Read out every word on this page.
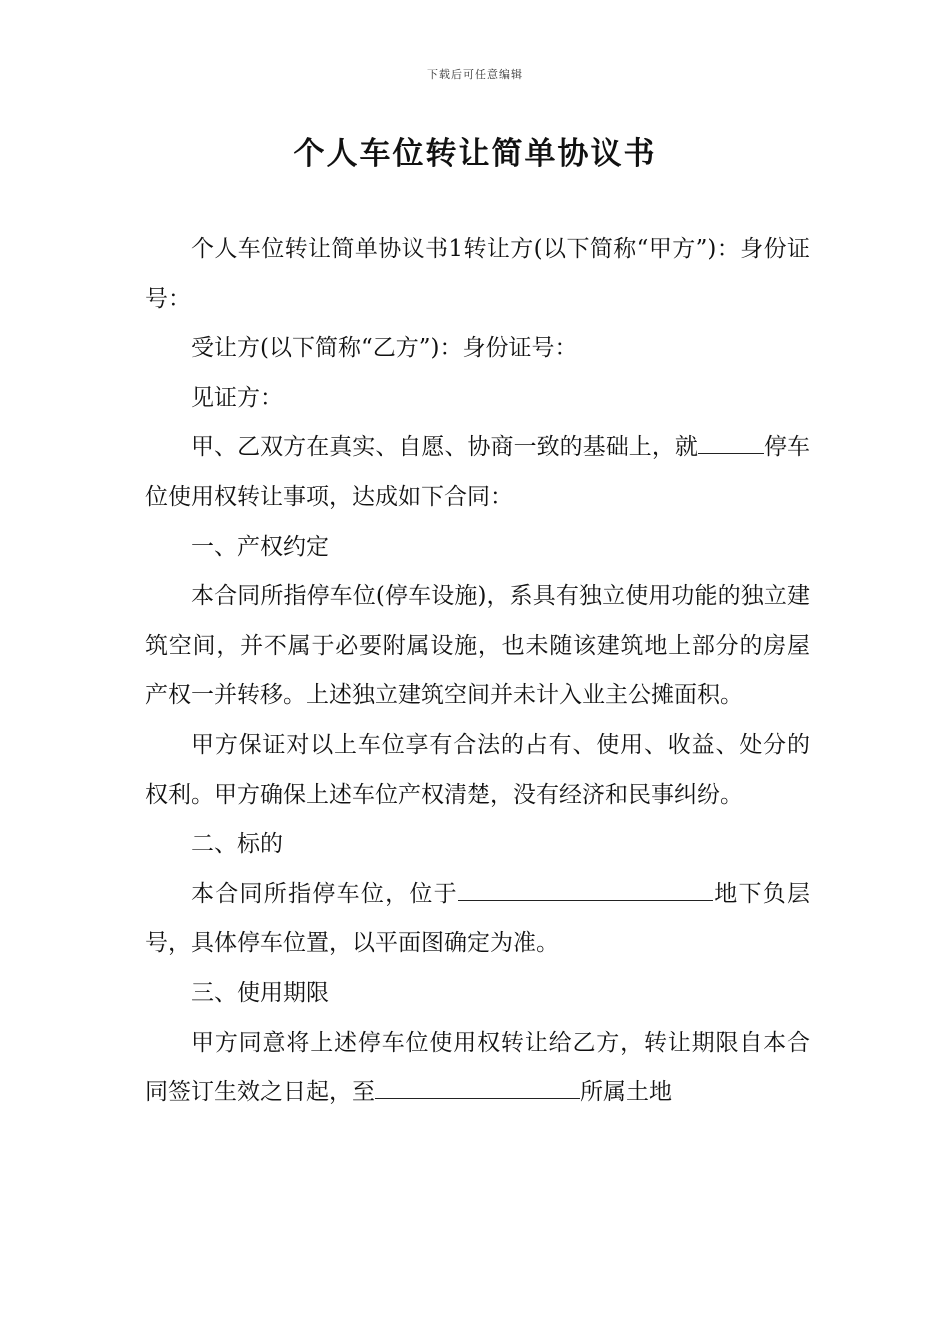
下载后可任意编辑
个人车位转让简单协议书

个人车位转让简单协议书1转让方(以下简称“甲方”)：身份证号：

受让方(以下简称“乙方”)：身份证号：

见证方：

甲、乙双方在真实、自愿、协商一致的基础上，就	停车位使用权转让事项，达成如下合同：

一、产权约定

本合同所指停车位(停车设施)，系具有独立使用功能的独立建筑空间，并不属于必要附属设施，也未随该建筑地上部分的房屋产权一并转移。上述独立建筑空间并未计入业主公摊面积。

甲方保证对以上车位享有合法的占有、使用、收益、处分的权利。甲方确保上述车位产权清楚，没有经济和民事纠纷。

二、标的

本合同所指停车位，位于	地下负层号，具体停车位置，以平面图确定为准。

三、使用期限

甲方同意将上述停车位使用权转让给乙方，转让期限自本合同签订生效之日起，至	所属土地
